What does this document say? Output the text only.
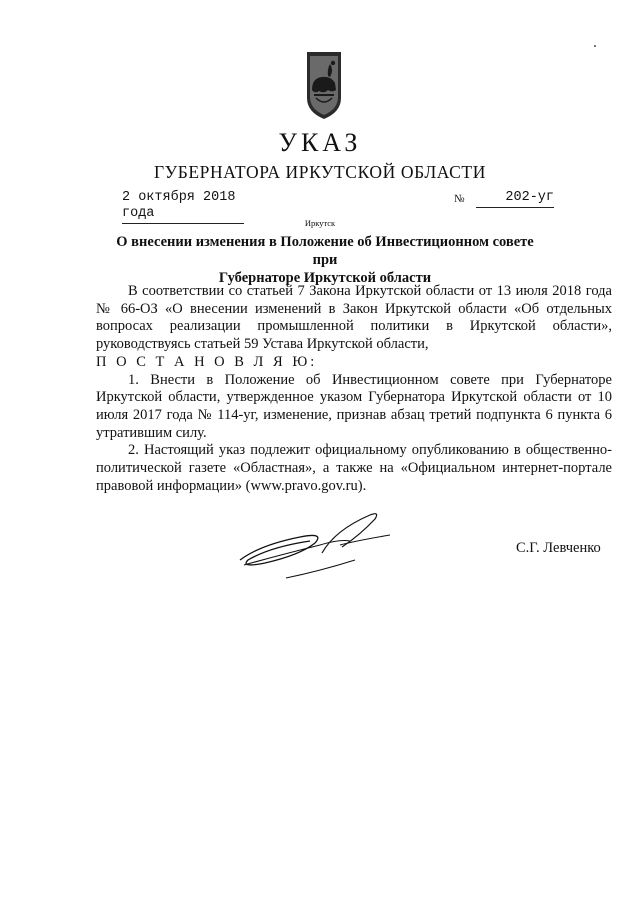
УКАЗ
ГУБЕРНАТОРА ИРКУТСКОЙ ОБЛАСТИ
2 октября 2018 года
№	202-уг
Иркутск
О внесении изменения в Положение об Инвестиционном совете при
Губернаторе Иркутской области

В соответствии со статьей 7 Закона Иркутской области от 13 июля 2018 года № 66-ОЗ «О внесении изменений в Закон Иркутской области «Об отдельных вопросах реализации промышленной политики в Иркутской области», руководствуясь статьей 59 Устава Иркутской области,

П О С Т А Н О В Л Я Ю:

1. Внести в Положение об Инвестиционном совете при Губернаторе Иркутской области, утвержденное указом Губернатора Иркутской области от 10 июля 2017 года № 114-уг, изменение, признав абзац третий подпункта 6 пункта 6 утратившим силу.

2. Настоящий указ подлежит официальному опубликованию в общественно-политической газете «Областная», а также на «Официальном интернет-портале правовой информации» (www.pravo.gov.ru).

С.Г. Левченко
